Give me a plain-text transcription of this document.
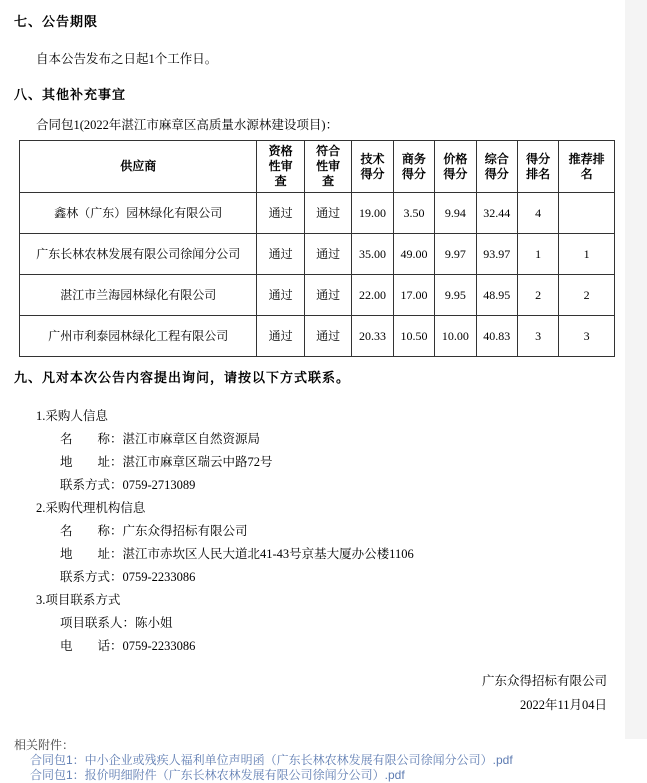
七、公告期限

自本公告发布之日起1个工作日。

八、其他补充事宜

合同包1(2022年湛江市麻章区高质量水源林建设项目)：

供应商	资格性审查	符合性审查	技术得分	商务得分	价格得分	综合得分	得分排名	推荐排名
鑫林（广东）园林绿化有限公司	通过	通过	19.00	3.50	9.94	32.44	4	
广东长林农林发展有限公司徐闻分公司	通过	通过	35.00	49.00	9.97	93.97	1	1
湛江市兰海园林绿化有限公司	通过	通过	22.00	17.00	9.95	48.95	2	2
广州市利泰园林绿化工程有限公司	通过	通过	20.33	10.50	10.00	40.83	3	3
九、凡对本次公告内容提出询问，请按以下方式联系。

1.采购人信息

名　　称：湛江市麻章区自然资源局

地　　址：湛江市麻章区瑞云中路72号

联系方式：0759-2713089

2.采购代理机构信息

名　　称：广东众得招标有限公司

地　　址：湛江市赤坎区人民大道北41-43号京基大厦办公楼1106

联系方式：0759-2233086

3.项目联系方式

项目联系人：陈小姐

电　　话：0759-2233086

广东众得招标有限公司

2022年11月04日

相关附件：
合同包1：中小企业或残疾人福利单位声明函（广东长林农林发展有限公司徐闻分公司）.pdf
合同包1：报价明细附件（广东长林农林发展有限公司徐闻分公司）.pdf
